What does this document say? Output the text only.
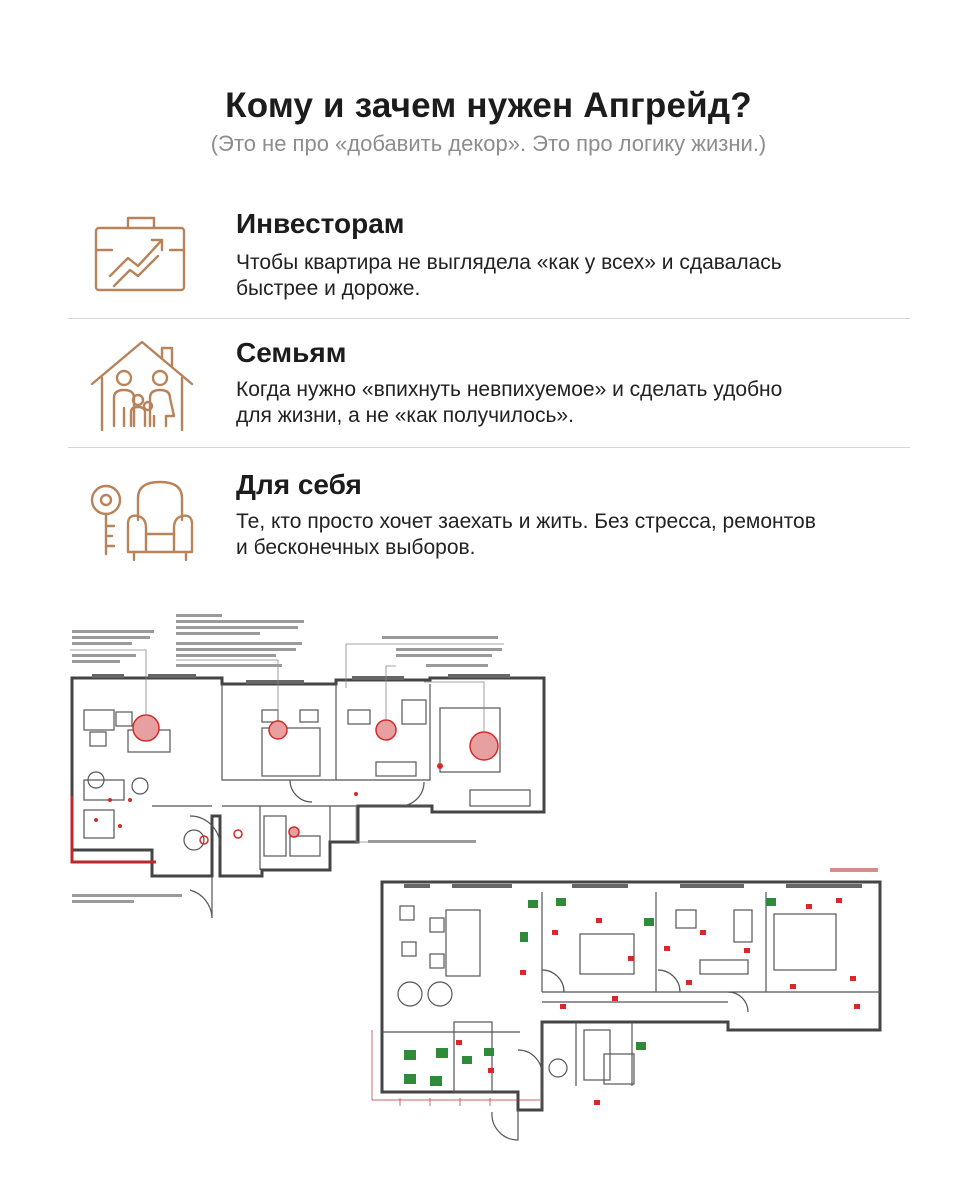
Кому и зачем нужен Апгрейд?
(Это не про «добавить декор». Это про логику жизни.)
Инвесторам
Чтобы квартира не выглядела «как у всех» и сдавалась
быстрее и дороже.
Семьям
Когда нужно «впихнуть невпихуемое» и сделать удобно
для жизни, а не «как получилось».
Для себя
Те, кто просто хочет заехать и жить. Без стресса, ремонтов
и бесконечных выборов.
